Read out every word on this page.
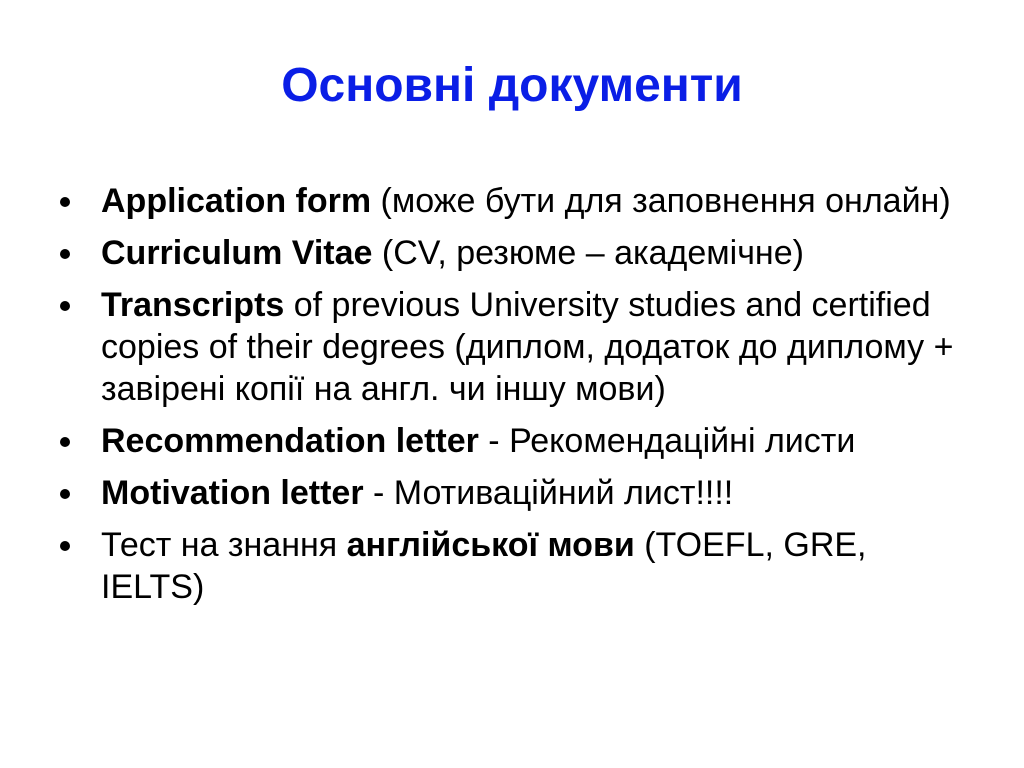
Основні документи
Application form (може бути для заповнення онлайн)
Curriculum Vitae (CV, резюме – академічне)
Transcripts of previous University studies and certified copies of their degrees (диплом, додаток до диплому + завірені копії на англ. чи іншу мови)
Recommendation letter - Рекомендаційні листи
Motivation letter - Мотиваційний лист!!!!
Тест на знання англійської мови (TOEFL, GRE, IELTS)
